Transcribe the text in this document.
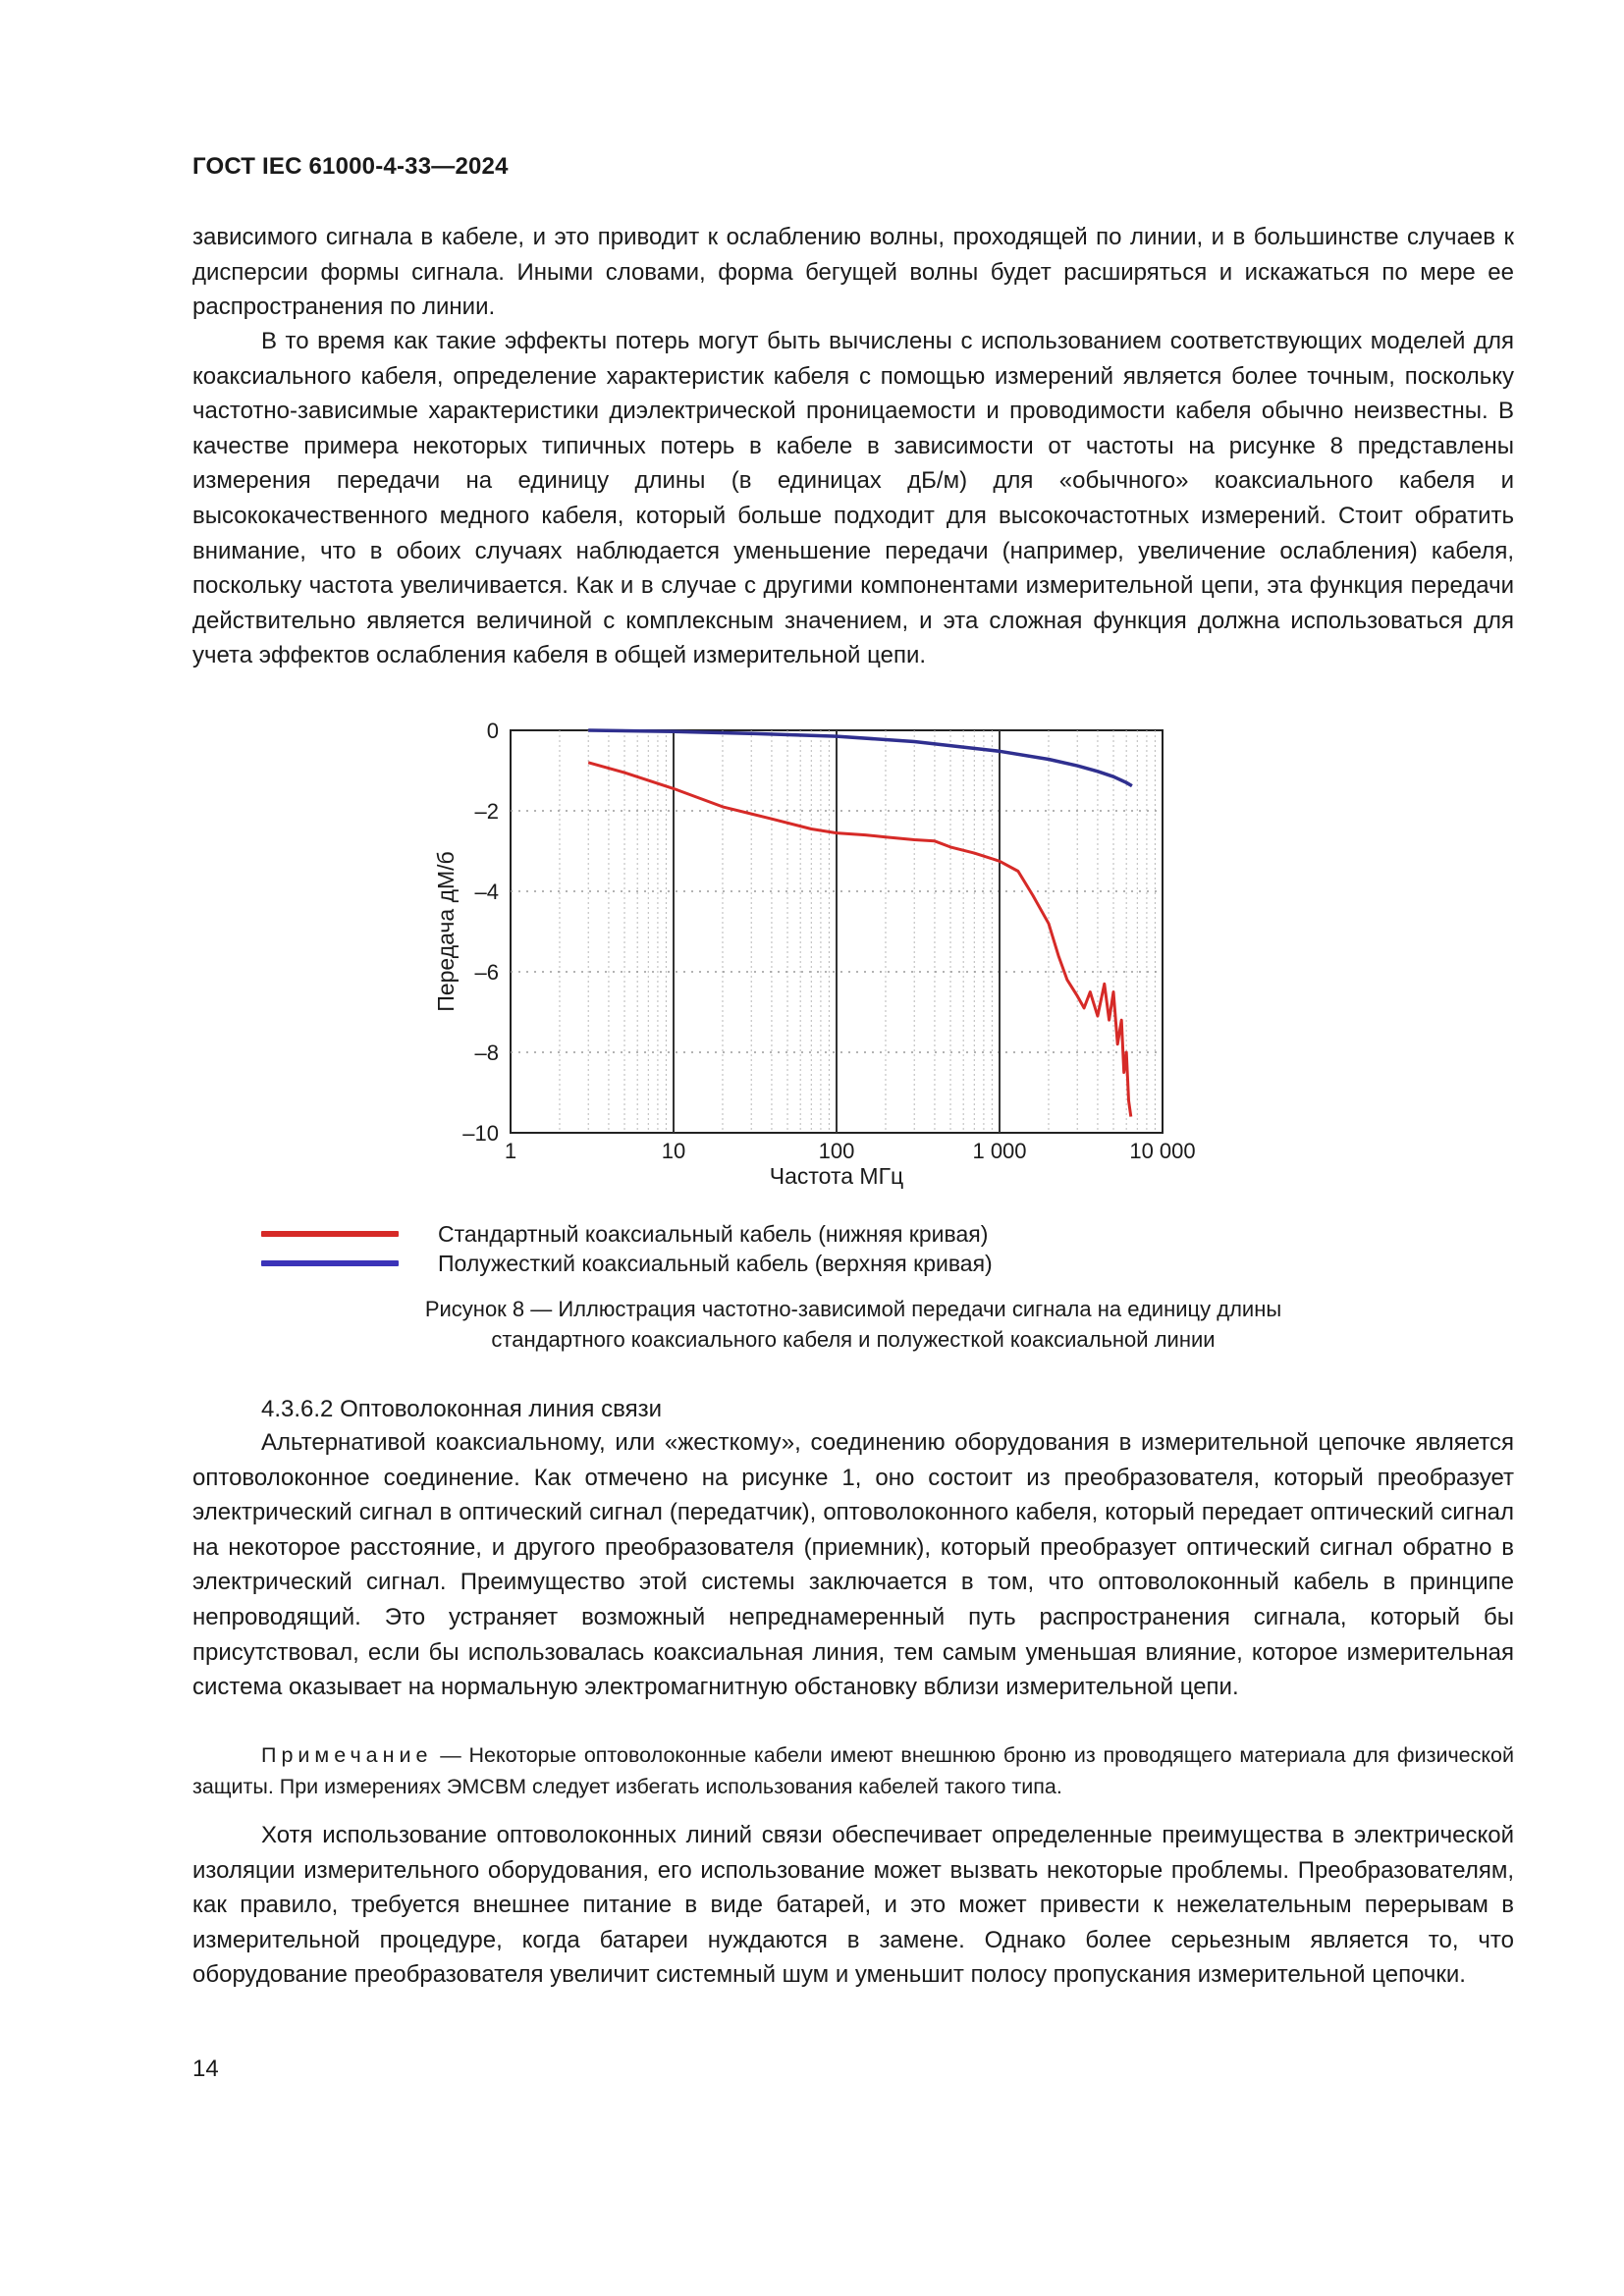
ГОСТ IEC 61000-4-33—2024

зависимого сигнала в кабеле, и это приводит к ослаблению волны, проходящей по линии, и в большинстве случаев к дисперсии формы сигнала. Иными словами, форма бегущей волны будет расширяться и искажаться по мере ее распространения по линии.

В то время как такие эффекты потерь могут быть вычислены с использованием соответствующих моделей для коаксиального кабеля, определение характеристик кабеля с помощью измерений является более точным, поскольку частотно-зависимые характеристики диэлектрической проницаемости и проводимости кабеля обычно неизвестны. В качестве примера некоторых типичных потерь в кабеле в зависимости от частоты на рисунке 8 представлены измерения передачи на единицу длины (в единицах дБ/м) для «обычного» коаксиального кабеля и высококачественного медного кабеля, который больше подходит для высокочастотных измерений. Стоит обратить внимание, что в обоих случаях наблюдается уменьшение передачи (например, увеличение ослабления) кабеля, поскольку частота увеличивается. Как и в случае с другими компонентами измерительной цепи, эта функция передачи действительно является величиной с комплексным значением, и эта сложная функция должна использоваться для учета эффектов ослабления кабеля в общей измерительной цепи.

0
–2
–4
–6
–8
–10
1	10	100	1 000	10 000
Частота МГц
Передача дМ/б
Стандартный коаксиальный кабель (нижняя кривая)
Полужесткий коаксиальный кабель (верхняя кривая)
Рисунок 8 — Иллюстрация частотно-зависимой передачи сигнала на единицу длины
стандартного коаксиального кабеля и полужесткой коаксиальной линии
4.3.6.2 Оптоволоконная линия связи

Альтернативой коаксиальному, или «жесткому», соединению оборудования в измерительной цепочке является оптоволоконное соединение. Как отмечено на рисунке 1, оно состоит из преобразователя, который преобразует электрический сигнал в оптический сигнал (передатчик), оптоволоконного кабеля, который передает оптический сигнал на некоторое расстояние, и другого преобразователя (приемник), который преобразует оптический сигнал обратно в электрический сигнал. Преимущество этой системы заключается в том, что оптоволоконный кабель в принципе непроводящий. Это устраняет возможный непреднамеренный путь распространения сигнала, который бы присутствовал, если бы использовалась коаксиальная линия, тем самым уменьшая влияние, которое измерительная система оказывает на нормальную электромагнитную обстановку вблизи измерительной цепи.

Примечание — Некоторые оптоволоконные кабели имеют внешнюю броню из проводящего материала для физической защиты. При измерениях ЭМСВМ следует избегать использования кабелей такого типа.

Хотя использование оптоволоконных линий связи обеспечивает определенные преимущества в электрической изоляции измерительного оборудования, его использование может вызвать некоторые проблемы. Преобразователям, как правило, требуется внешнее питание в виде батарей, и это может привести к нежелательным перерывам в измерительной процедуре, когда батареи нуждаются в замене. Однако более серьезным является то, что оборудование преобразователя увеличит системный шум и уменьшит полосу пропускания измерительной цепочки.

14
